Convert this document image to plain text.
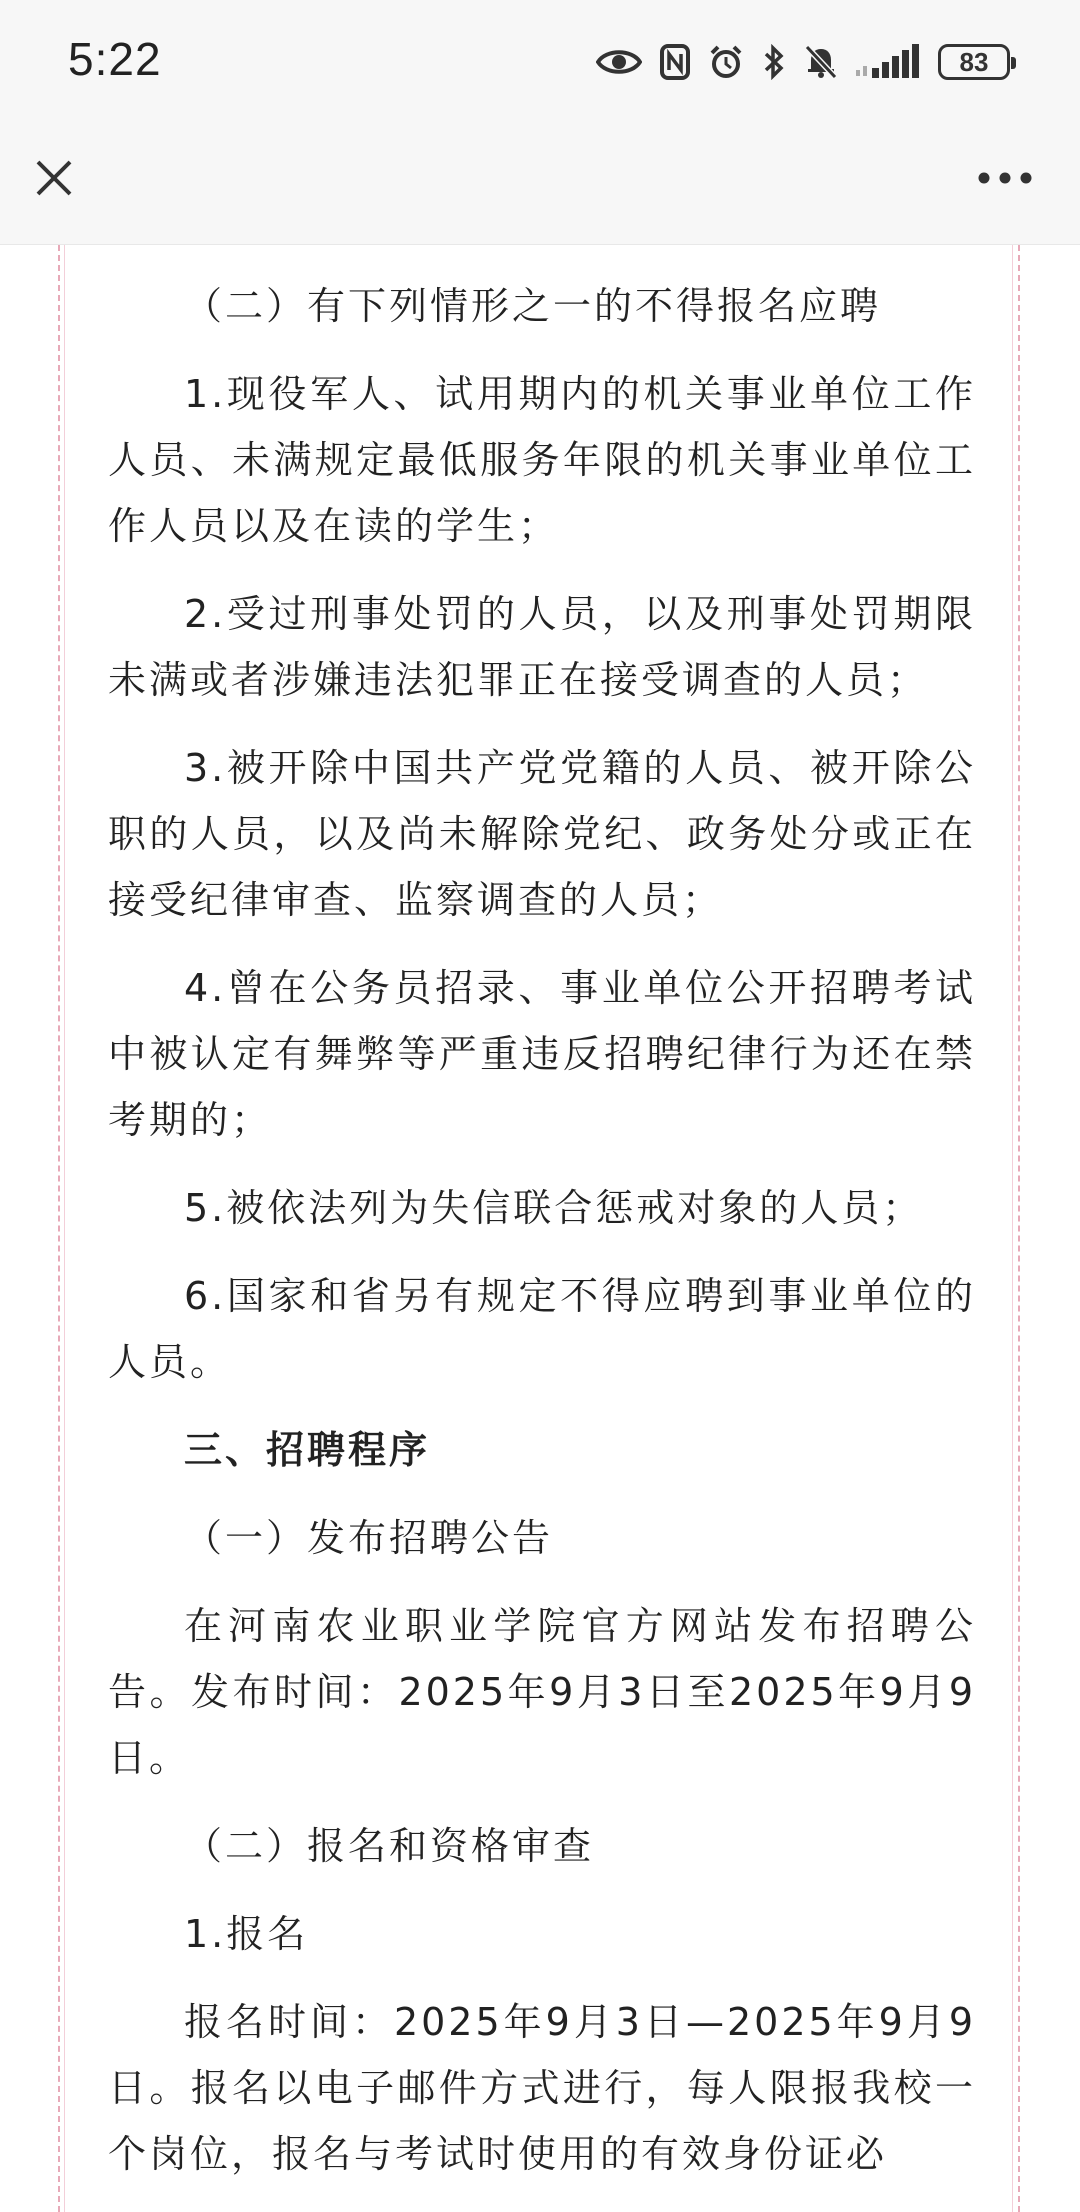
5:22	83

（二）有下列情形之一的不得报名应聘

1.现役军人、试用期内的机关事业单位工作人员、未满规定最低服务年限的机关事业单位工作人员以及在读的学生；

2.受过刑事处罚的人员，以及刑事处罚期限未满或者涉嫌违法犯罪正在接受调查的人员；

3.被开除中国共产党党籍的人员、被开除公职的人员，以及尚未解除党纪、政务处分或正在接受纪律审查、监察调查的人员；

4.曾在公务员招录、事业单位公开招聘考试中被认定有舞弊等严重违反招聘纪律行为还在禁考期的；

5.被依法列为失信联合惩戒对象的人员；

6.国家和省另有规定不得应聘到事业单位的人员。

三、招聘程序

（一）发布招聘公告

在河南农业职业学院官方网站发布招聘公告。发布时间：2025年9月3日至2025年9月9日。

（二）报名和资格审查

1.报名

报名时间：2025年9月3日—2025年9月9日。报名以电子邮件方式进行，每人限报我校一个岗位，报名与考试时使用的有效身份证必
